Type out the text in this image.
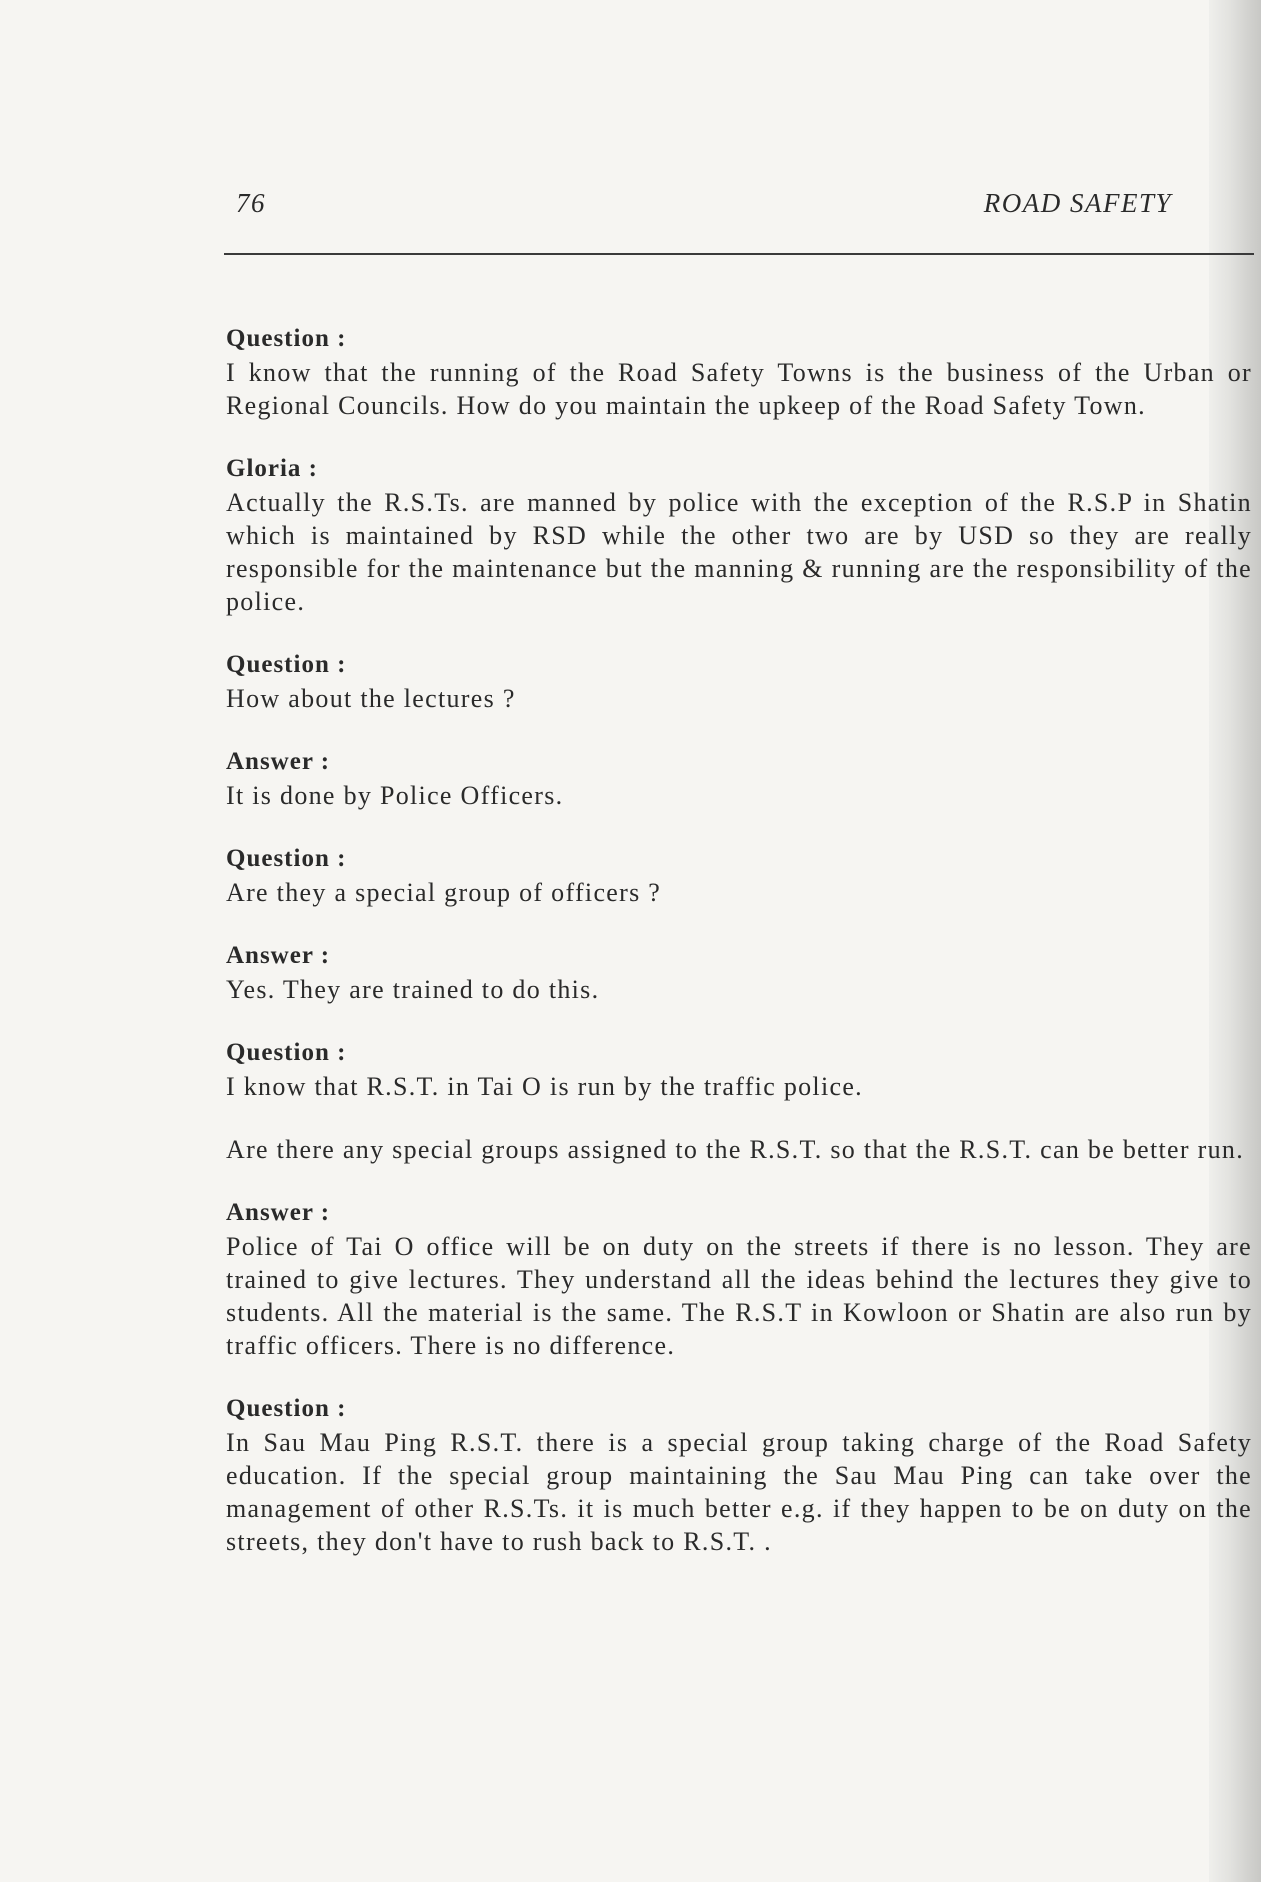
76	ROAD SAFETY
Question :

I know that the running of the Road Safety Towns is the business of the Urban or Regional Councils. How do you maintain the upkeep of the Road Safety Town.

Gloria :

Actually the R.S.Ts. are manned by police with the exception of the R.S.P in Shatin which is maintained by RSD while the other two are by USD so they are really responsible for the maintenance but the manning & running are the responsibility of the police.

Question :

How about the lectures ?

Answer :

It is done by Police Officers.

Question :

Are they a special group of officers ?

Answer :

Yes. They are trained to do this.

Question :

I know that R.S.T. in Tai O is run by the traffic police.

Are there any special groups assigned to the R.S.T. so that the R.S.T. can be better run.

Answer :

Police of Tai O office will be on duty on the streets if there is no lesson. They are trained to give lectures. They understand all the ideas behind the lectures they give to students. All the material is the same. The R.S.T in Kowloon or Shatin are also run by traffic officers. There is no difference.

Question :

In Sau Mau Ping R.S.T. there is a special group taking charge of the Road Safety education. If the special group maintaining the Sau Mau Ping can take over the management of other R.S.Ts. it is much better e.g. if they happen to be on duty on the streets, they don't have to rush back to R.S.T. .
